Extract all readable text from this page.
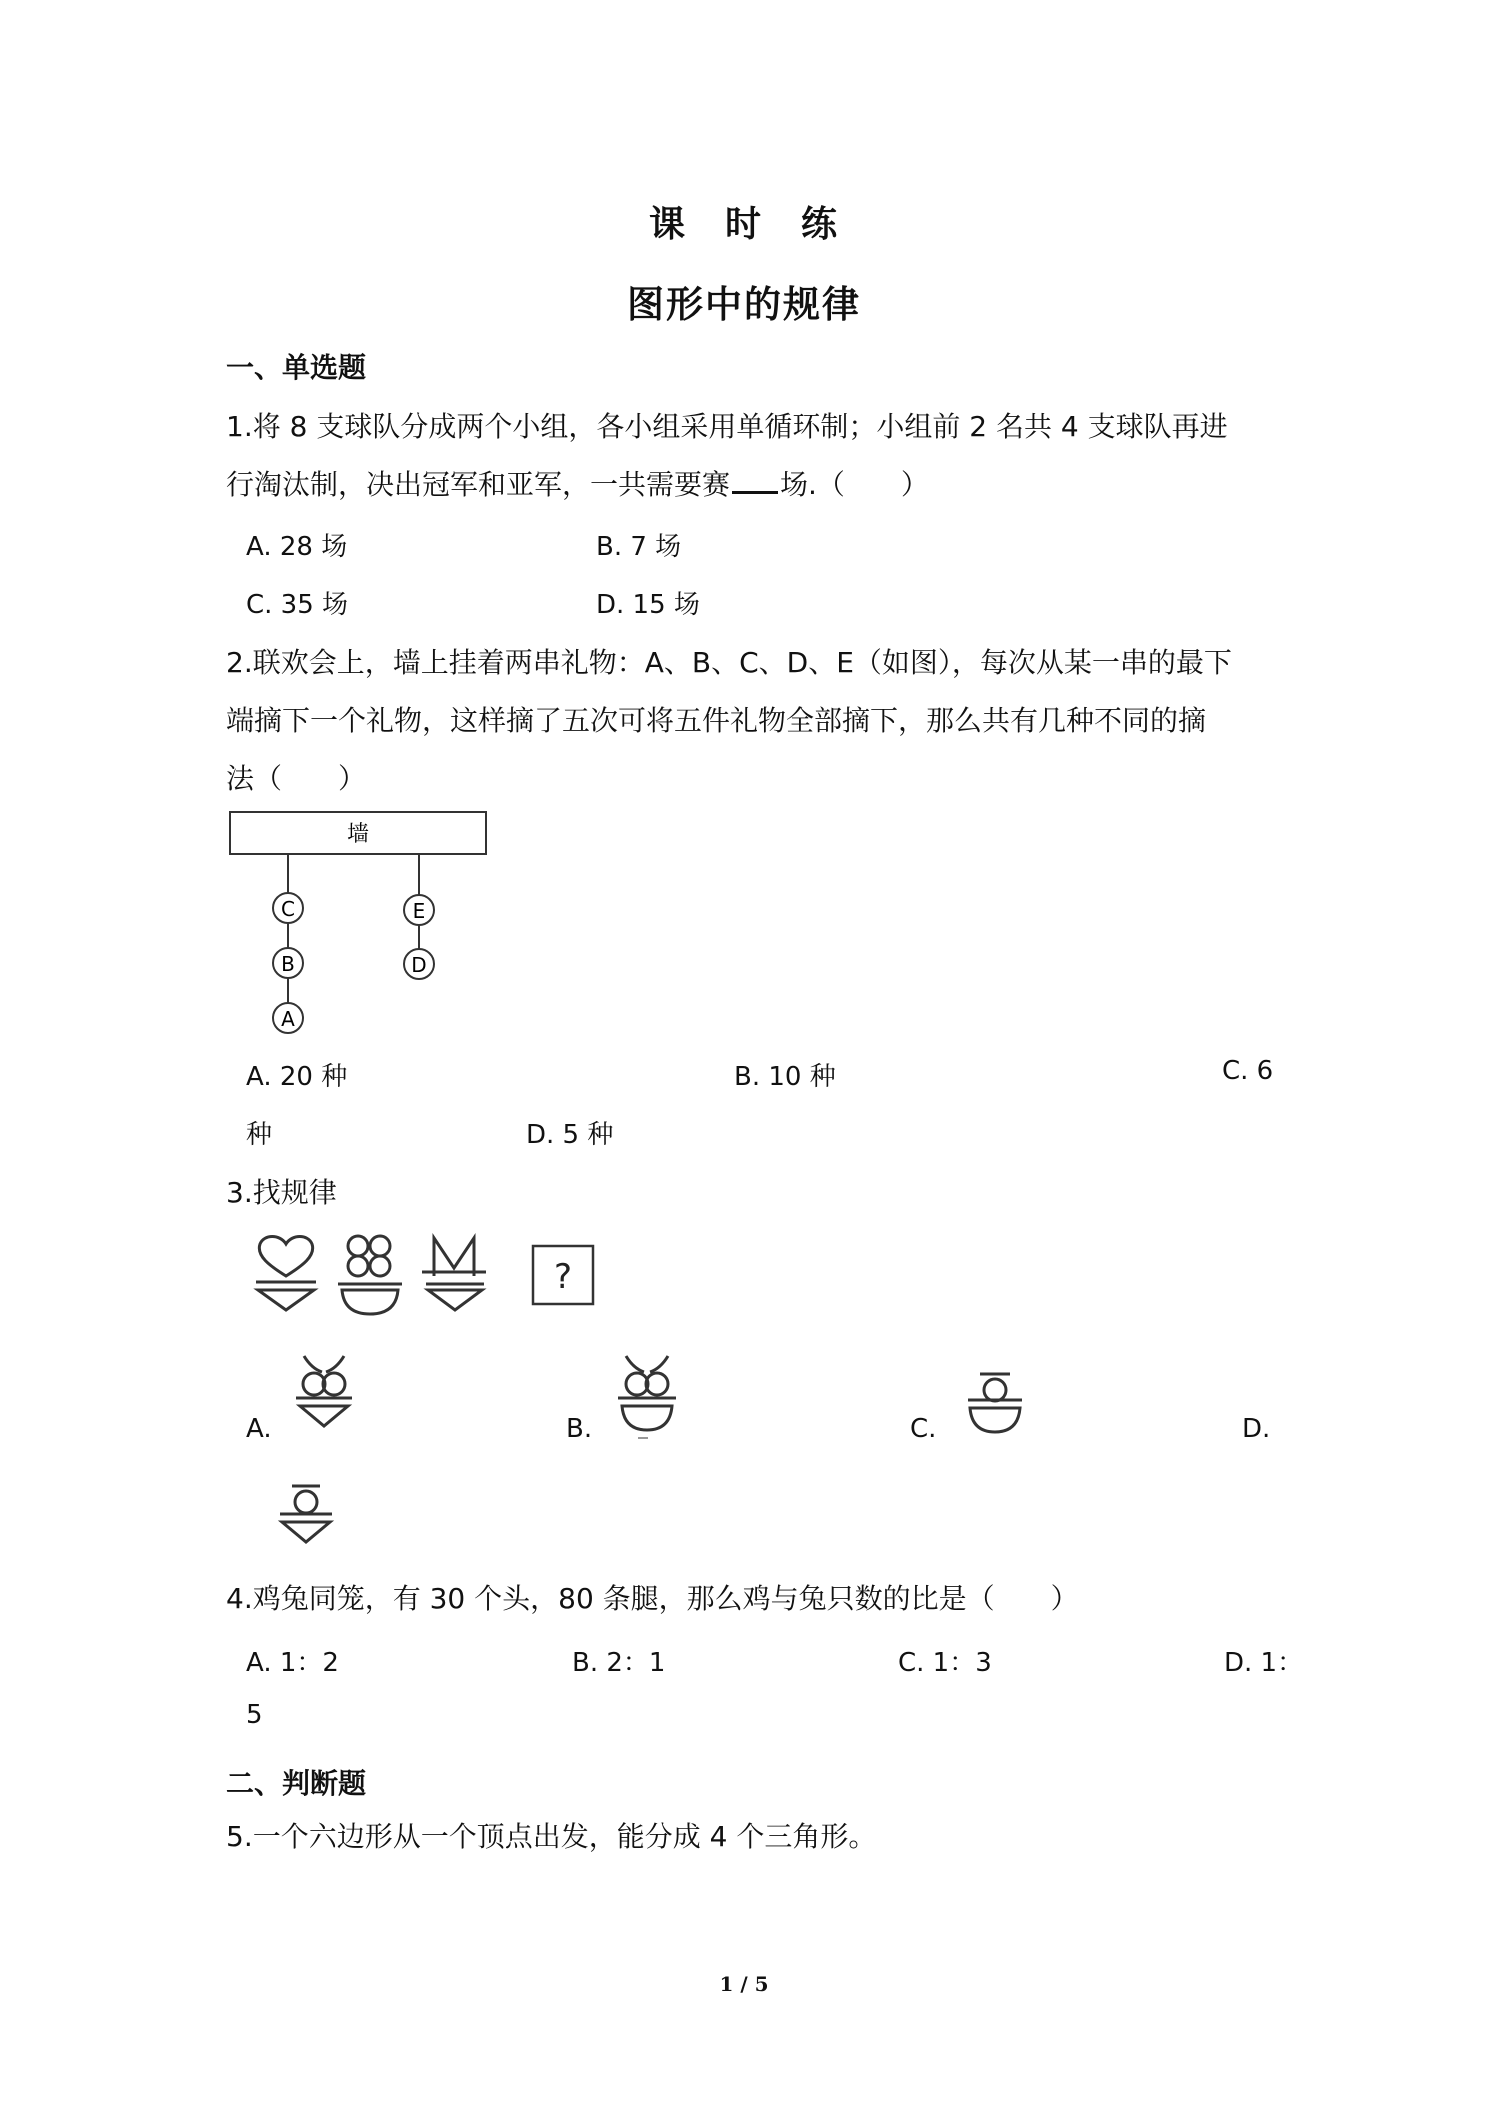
课　时　练
图形中的规律
一、单选题
1.将 8 支球队分成两个小组，各小组采用单循环制；小组前 2 名共 4 支球队再进
行淘汰制，决出冠军和亚军，一共需要赛 场.（　　）
A. 28 场	B. 7 场
C. 35 场	D. 15 场
2.联欢会上，墙上挂着两串礼物：A、B、C、D、E（如图），每次从某一串的最下
端摘下一个礼物，这样摘了五次可将五件礼物全部摘下，那么共有几种不同的摘
法（　　）
墙
C
B
A
E
D
A. 20 种	B. 10 种	C. 6
种	D. 5 种
3.找规律
?
A.	B.	C.	D.
4.鸡兔同笼，有 30 个头，80 条腿，那么鸡与兔只数的比是（　　）
A. 1：2	B. 2：1	C. 1：3	D. 1：
5
二、判断题
5.一个六边形从一个顶点出发，能分成 4 个三角形。
1 / 5
